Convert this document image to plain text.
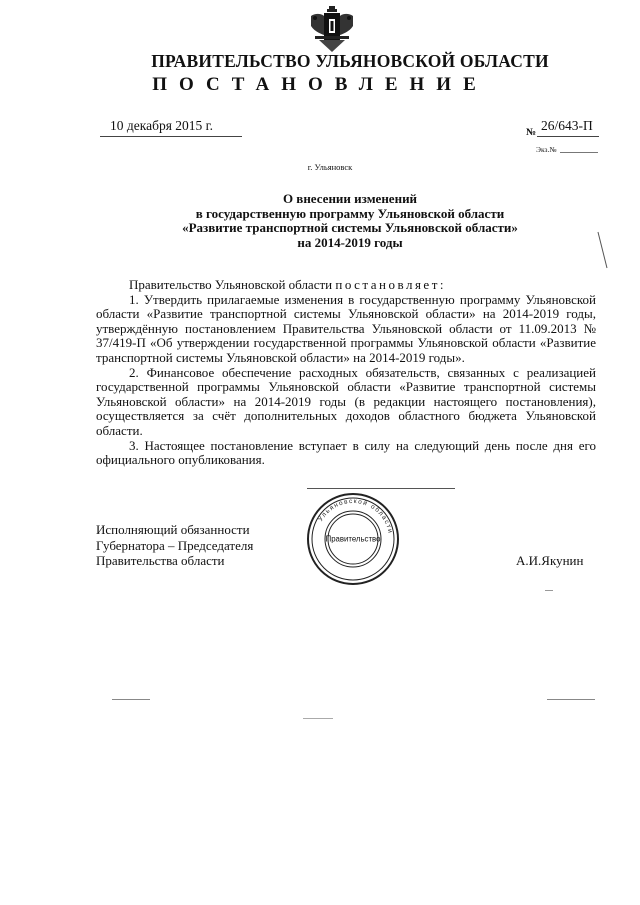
ПРАВИТЕЛЬСТВО УЛЬЯНОВСКОЙ ОБЛАСТИ
ПОСТАНОВЛЕНИЕ
10 декабря 2015 г.	№ 26/643-П
Экз.№
г. Ульяновск
О внесении изменений
в государственную программу Ульяновской области
«Развитие транспортной системы Ульяновской области»
на 2014-2019 годы

Правительство Ульяновской области постановляет:

1. Утвердить прилагаемые изменения в государственную программу Ульяновской области «Развитие транспортной системы Ульяновской области» на 2014-2019 годы, утверждённую постановлением Правительства Ульяновской области от 11.09.2013 № 37/419-П «Об утверждении государственной программы Ульяновской области «Развитие транспортной системы Ульяновской области» на 2014-2019 годы».

2. Финансовое обеспечение расходных обязательств, связанных с реализацией государственной программы Ульяновской области «Развитие транспортной системы Ульяновской области» на 2014-2019 годы (в редакции настоящего постановления), осуществляется за счёт дополнительных доходов областного бюджета Ульяновской области.

3. Настоящее постановление вступает в силу на следующий день после дня его официального опубликования.

Исполняющий обязанности
Губернатора – Председателя
Правительства области
Ульяновской области
Правительство
А.И.Якунин
